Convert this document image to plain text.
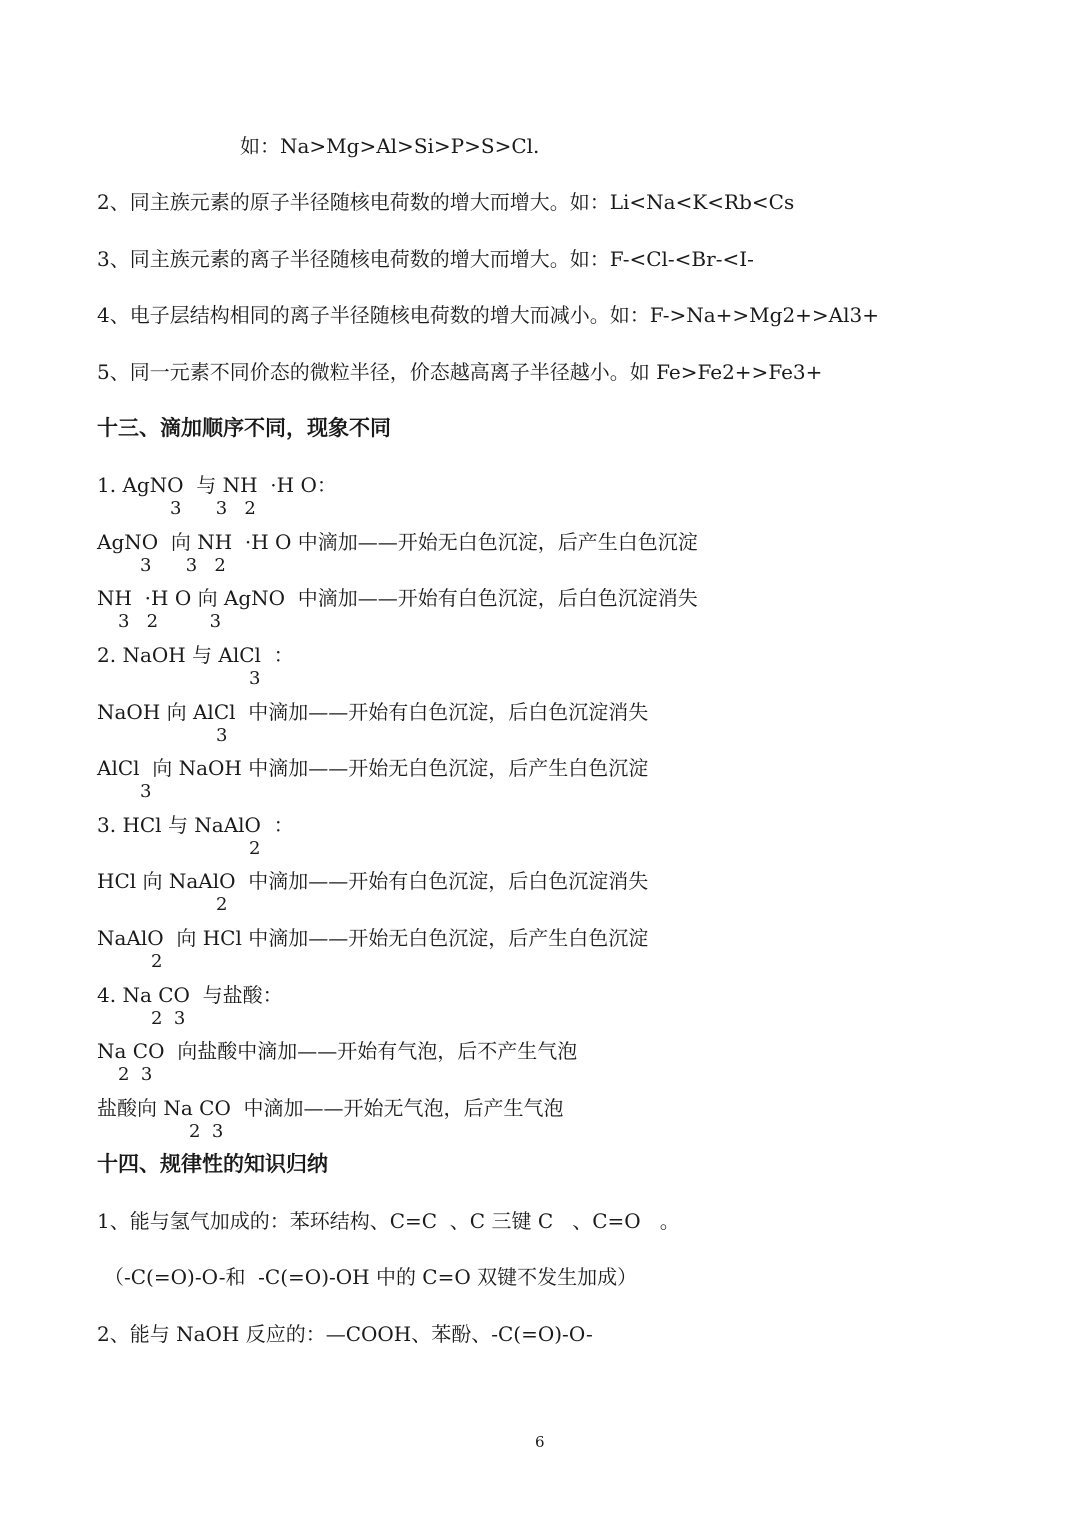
如：Na>Mg>Al>Si>P>S>Cl.
2、同主族元素的原子半径随核电荷数的增大而增大。如：Li<Na<K<Rb<Cs
3、同主族元素的离子半径随核电荷数的增大而增大。如：F-<Cl-<Br-<I-
4、电子层结构相同的离子半径随核电荷数的增大而减小。如：F->Na+>Mg2+>Al3+
5、同一元素不同价态的微粒半径，价态越高离子半径越小。如 Fe>Fe2+>Fe3+
十三、滴加顺序不同，现象不同
1. AgNO  与 NH  ·H O：
3      3   2
AgNO  向 NH  ·H O 中滴加——开始无白色沉淀，后产生白色沉淀
3      3   2
NH  ·H O 向 AgNO  中滴加——开始有白色沉淀，后白色沉淀消失
3   2         3
2. NaOH 与 AlCl  ：
3
NaOH 向 AlCl  中滴加——开始有白色沉淀，后白色沉淀消失
3
AlCl  向 NaOH 中滴加——开始无白色沉淀，后产生白色沉淀
3
3. HCl 与 NaAlO  ：
2
HCl 向 NaAlO  中滴加——开始有白色沉淀，后白色沉淀消失
2
NaAlO  向 HCl 中滴加——开始无白色沉淀，后产生白色沉淀
2
4. Na CO  与盐酸：
2  3
Na CO  向盐酸中滴加——开始有气泡，后不产生气泡
2  3
盐酸向 Na CO  中滴加——开始无气泡，后产生气泡
2  3
十四、规律性的知识归纳
1、能与氢气加成的：苯环结构、C=C  、C 三键 C   、C=O   。
（-C(=O)-O-和  -C(=O)-OH 中的 C=O 双键不发生加成）
2、能与 NaOH 反应的：—COOH、苯酚、-C(=O)-O-
6
